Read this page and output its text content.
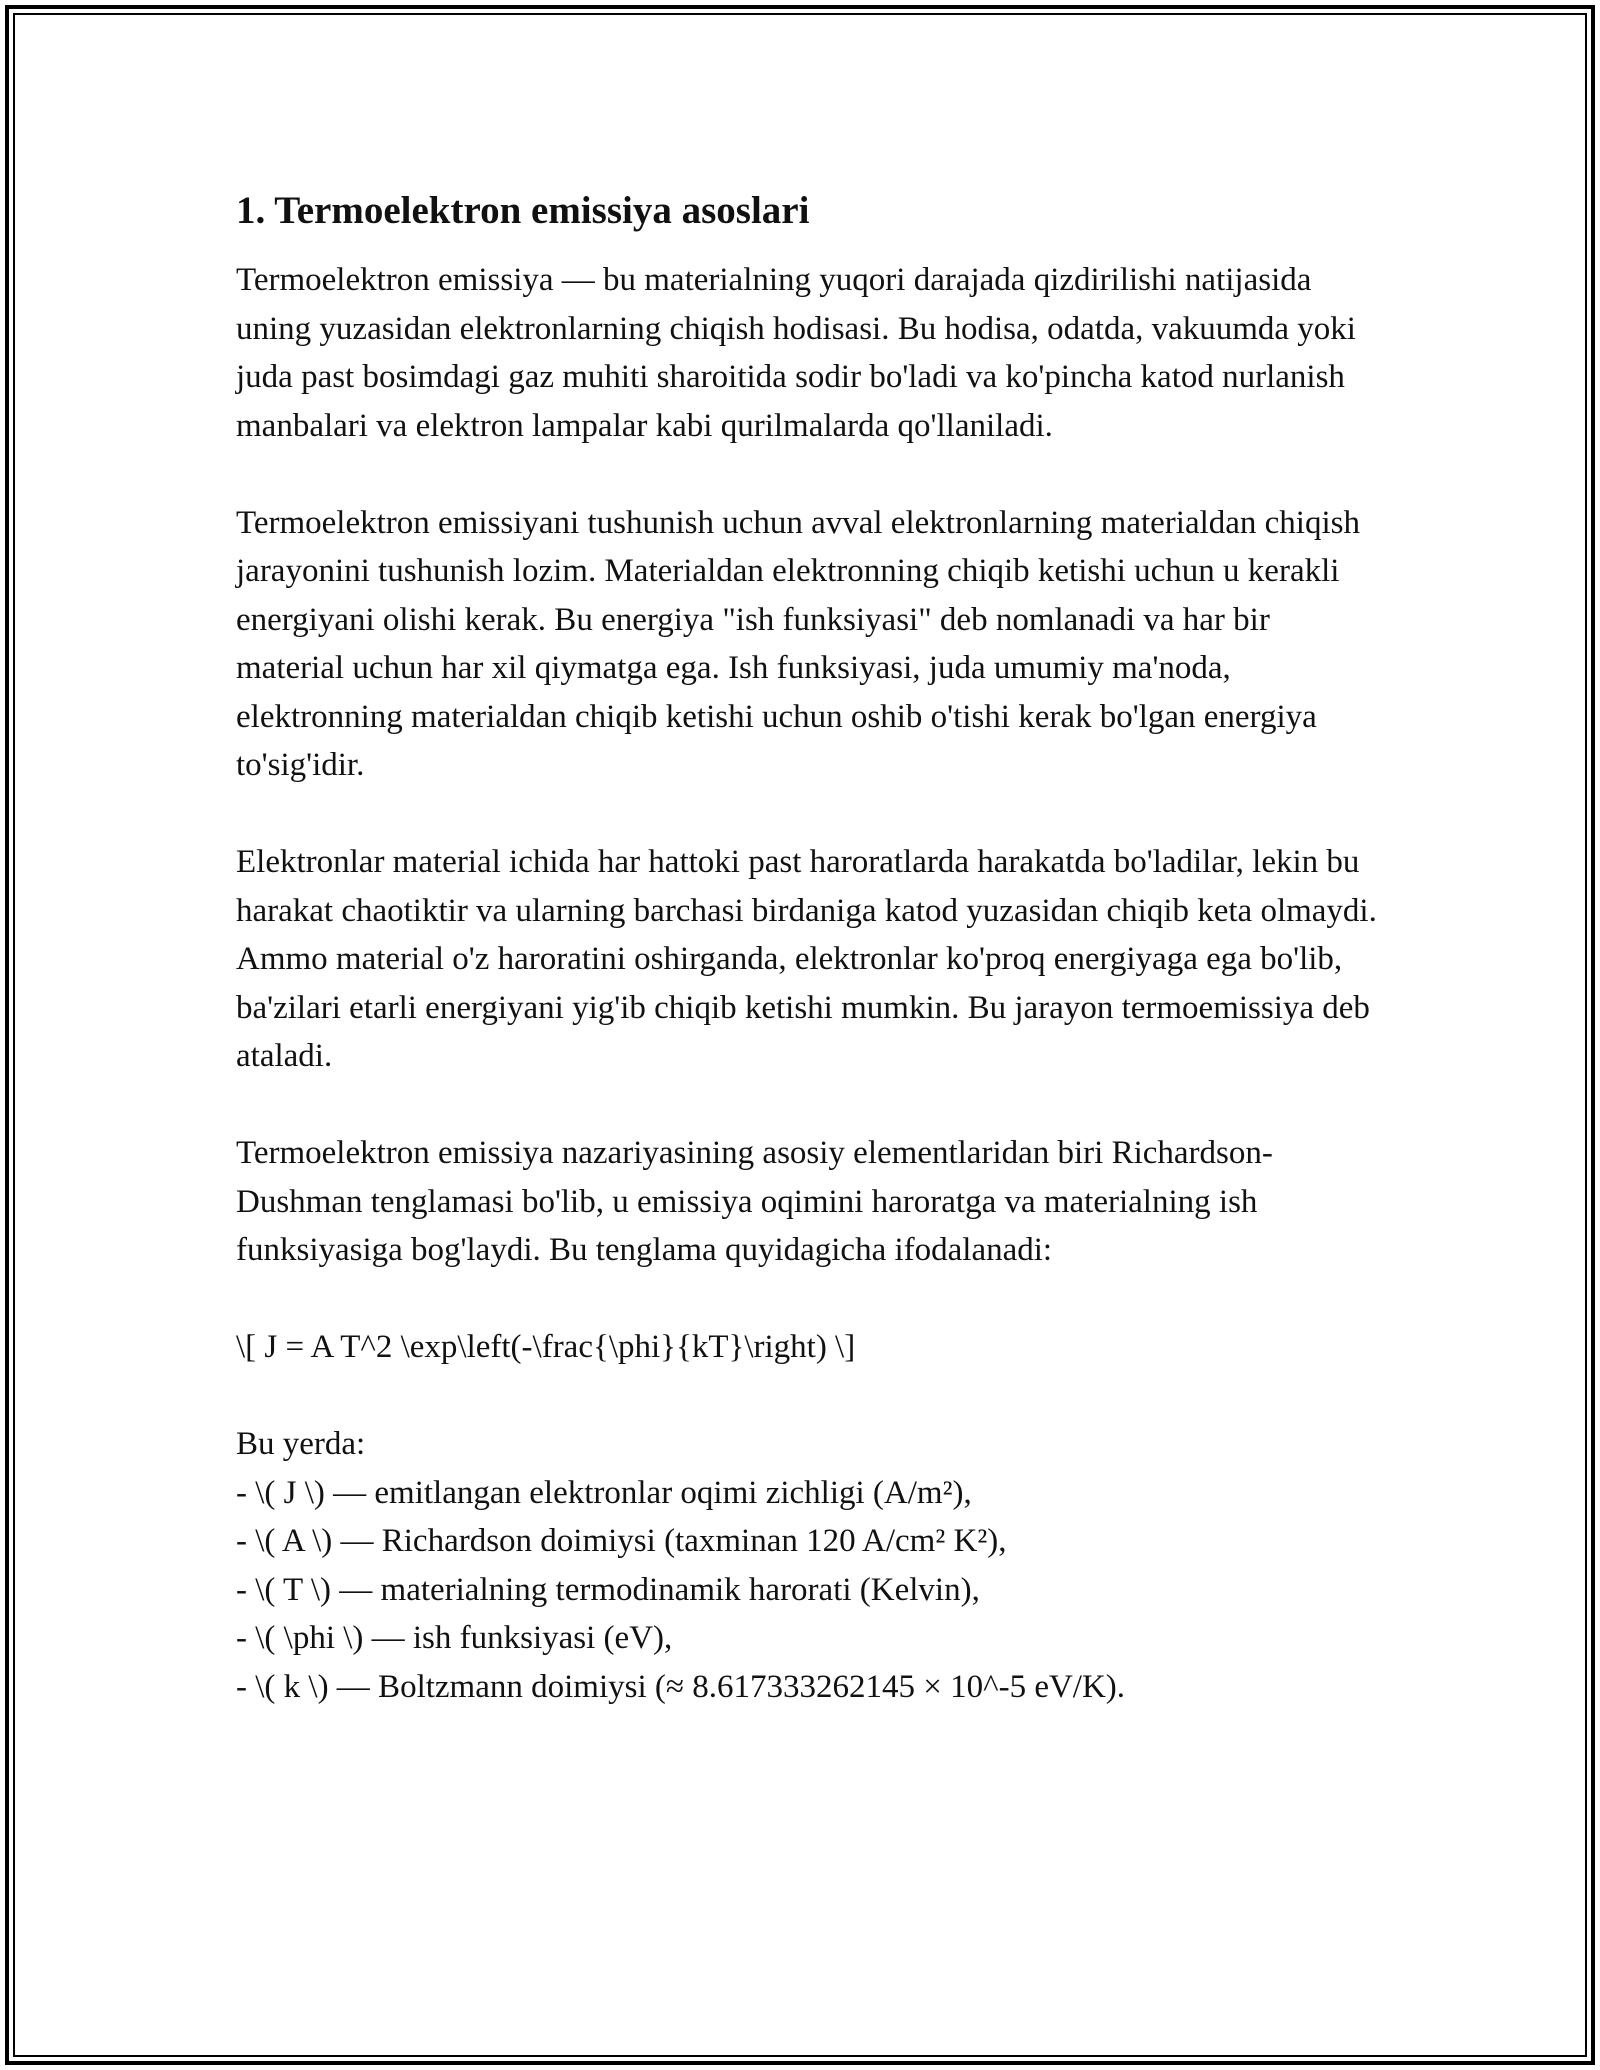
1. Termoelektron emissiya asoslari

Termoelektron emissiya — bu materialning yuqori darajada qizdirilishi natijasida uning yuzasidan elektronlarning chiqish hodisasi. Bu hodisa, odatda, vakuumda yoki juda past bosimdagi gaz muhiti sharoitida sodir bo'ladi va ko'pincha katod nurlanish manbalari va elektron lampalar kabi qurilmalarda qo'llaniladi.

Termoelektron emissiyani tushunish uchun avval elektronlarning materialdan chiqish jarayonini tushunish lozim. Materialdan elektronning chiqib ketishi uchun u kerakli energiyani olishi kerak. Bu energiya "ish funksiyasi" deb nomlanadi va har bir material uchun har xil qiymatga ega. Ish funksiyasi, juda umumiy ma'noda, elektronning materialdan chiqib ketishi uchun oshib o'tishi kerak bo'lgan energiya to'sig'idir.

Elektronlar material ichida har hattoki past haroratlarda harakatda bo'ladilar, lekin bu harakat chaotiktir va ularning barchasi birdaniga katod yuzasidan chiqib keta olmaydi. Ammo material o'z haroratini oshirganda, elektronlar ko'proq energiyaga ega bo'lib, ba'zilari etarli energiyani yig'ib chiqib ketishi mumkin. Bu jarayon termoemissiya deb ataladi.

Termoelektron emissiya nazariyasining asosiy elementlaridan biri Richardson-Dushman tenglamasi bo'lib, u emissiya oqimini haroratga va materialning ish funksiyasiga bog'laydi. Bu tenglama quyidagicha ifodalanadi:

\[ J = A T^2 \exp\left(-\frac{\phi}{kT}\right) \]

Bu yerda:
- \( J \) — emitlangan elektronlar oqimi zichligi (A/m²),
- \( A \) — Richardson doimiysi (taxminan 120 A/cm² K²),
- \( T \) — materialning termodinamik harorati (Kelvin),
- \( \phi \) — ish funksiyasi (eV),
- \( k \) — Boltzmann doimiysi (≈ 8.617333262145 × 10^-5 eV/K).
